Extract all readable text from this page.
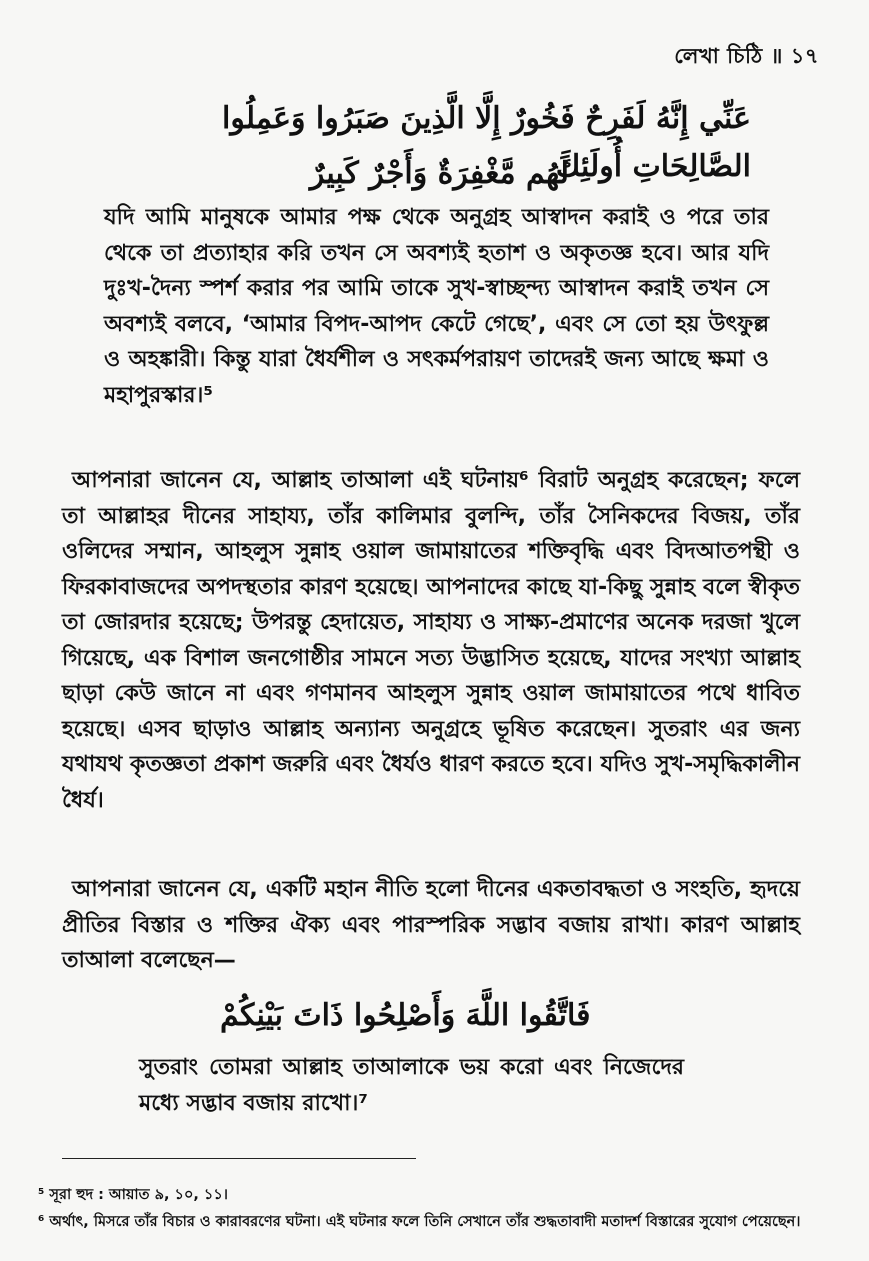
লেখা চিঠি ॥ ১৭
عَنِّي إِنَّهُ لَفَرِحٌ فَخُورٌ إِلَّا الَّذِينَ صَبَرُوا وَعَمِلُوا الصَّالِحَاتِ أُولَئِكَ
لَهُم مَّغْفِرَةٌ وَأَجْرٌ كَبِيرٌ

যদি আমি মানুষকে আমার পক্ষ থেকে অনুগ্রহ আস্বাদন করাই ও পরে তার থেকে তা প্রত্যাহার করি তখন সে অবশ্যই হতাশ ও অকৃতজ্ঞ হবে। আর যদি দুঃখ-দৈন্য স্পর্শ করার পর আমি তাকে সুখ-স্বাচ্ছন্দ্য আস্বাদন করাই তখন সে অবশ্যই বলবে, ‘আমার বিপদ-আপদ কেটে গেছে’, এবং সে তো হয় উৎফুল্ল ও অহঙ্কারী। কিন্তু যারা ধৈর্যশীল ও সৎকর্মপরায়ণ তাদেরই জন্য আছে ক্ষমা ও মহাপুরস্কার।⁵

আপনারা জানেন যে, আল্লাহ তাআলা এই ঘটনায়⁶ বিরাট অনুগ্রহ করেছেন; ফলে তা আল্লাহর দীনের সাহায্য, তাঁর কালিমার বুলন্দি, তাঁর সৈনিকদের বিজয়, তাঁর ওলিদের সম্মান, আহলুস সুন্নাহ ওয়াল জামায়াতের শক্তিবৃদ্ধি এবং বিদআতপন্থী ও ফিরকাবাজদের অপদস্থতার কারণ হয়েছে। আপনাদের কাছে যা-কিছু সুন্নাহ বলে স্বীকৃত তা জোরদার হয়েছে; উপরন্তু হেদায়েত, সাহায্য ও সাক্ষ্য-প্রমাণের অনেক দরজা খুলে গিয়েছে, এক বিশাল জনগোষ্ঠীর সামনে সত্য উদ্ভাসিত হয়েছে, যাদের সংখ্যা আল্লাহ ছাড়া কেউ জানে না এবং গণমানব আহলুস সুন্নাহ ওয়াল জামায়াতের পথে ধাবিত হয়েছে। এসব ছাড়াও আল্লাহ অন্যান্য অনুগ্রহে ভূষিত করেছেন। সুতরাং এর জন্য যথাযথ কৃতজ্ঞতা প্রকাশ জরুরি এবং ধৈর্যও ধারণ করতে হবে। যদিও সুখ-সমৃদ্ধিকালীন ধৈর্য।

আপনারা জানেন যে, একটি মহান নীতি হলো দীনের একতাবদ্ধতা ও সংহতি, হৃদয়ে প্রীতির বিস্তার ও শক্তির ঐক্য এবং পারস্পরিক সদ্ভাব বজায় রাখা। কারণ আল্লাহ তাআলা বলেছেন—

فَاتَّقُوا اللَّهَ وَأَصْلِحُوا ذَاتَ بَيْنِكُمْ

সুতরাং তোমরা আল্লাহ তাআলাকে ভয় করো এবং নিজেদের মধ্যে সদ্ভাব বজায় রাখো।⁷

⁵ সূরা হুদ : আয়াত ৯, ১০, ১১।

⁶ অর্থাৎ, মিসরে তাঁর বিচার ও কারাবরণের ঘটনা। এই ঘটনার ফলে তিনি সেখানে তাঁর শুদ্ধতাবাদী মতাদর্শ বিস্তারের সুযোগ পেয়েছেন।
